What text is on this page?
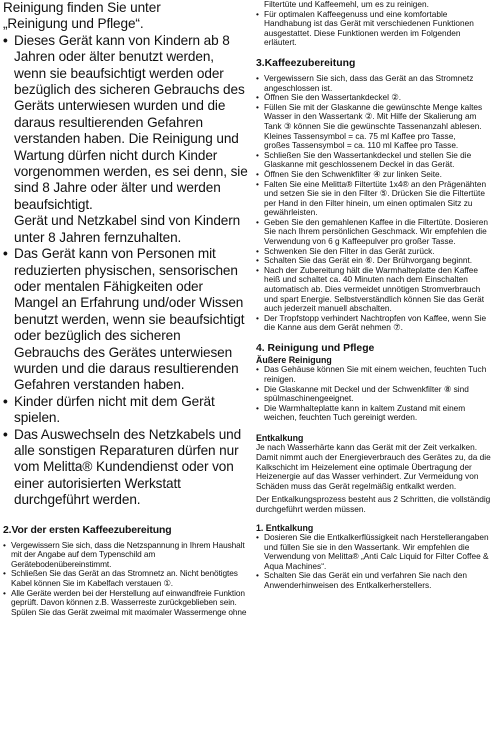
Reinigung finden Sie unter

„Reinigung und Pflege“.

• Dieses Gerät kann von Kindern ab 8 Jahren oder älter benutzt werden, wenn sie beaufsichtigt werden oder bezüglich des sicheren Gebrauchs des Geräts unterwiesen wurden und die daraus resultierenden Gefahren verstanden haben. Die Reinigung und Wartung dürfen nicht durch Kinder vorgenommen werden, es sei denn, sie sind 8 Jahre oder älter und werden beaufsichtigt.

Gerät und Netzkabel sind von Kindern unter 8 Jahren fernzuhalten.

• Das Gerät kann von Personen mit reduzierten physischen, sensorischen oder mentalen Fähigkeiten oder Mangel an Erfahrung und/oder Wissen benutzt werden, wenn sie beaufsichtigt oder bezüglich des sicheren Gebrauchs des Gerätes unterwiesen wurden und die daraus resultierenden Gefahren verstanden haben.

• Kinder dürfen nicht mit dem Gerät spielen.

• Das Auswechseln des Netzkabels und alle sonstigen Reparaturen dürfen nur vom Melitta® Kundendienst oder von einer autorisierten Werkstatt durchgeführt werden.

2.Vor der ersten Kaffeezubereitung
• Vergewissern Sie sich, dass die Netzspannung in Ihrem Haushalt mit der Angabe auf dem Typenschild am Gerätebodenübereinstimmt.
• Schließen Sie das Gerät an das Stromnetz an. Nicht benötigtes Kabel können Sie im Kabelfach verstauen ①.
• Alle Geräte werden bei der Herstellung auf einwandfreie Funktion geprüft. Davon können z.B. Wasserreste zurückgeblieben sein. Spülen Sie das Gerät zweimal mit maximaler Wassermenge ohne

Filtertüte und Kaffeemehl, um es zu reinigen.

• Für optimalen Kaffeegenuss und eine komfortable Handhabung ist das Gerät mit verschiedenen Funktionen ausgestattet. Diese Funktionen werden im Folgenden erläutert.
3.Kaffeezubereitung
• Vergewissern Sie sich, dass das Gerät an das Stromnetz angeschlossen ist.
• Öffnen Sie den Wassertankdeckel ②.
• Füllen Sie mit der Glaskanne die gewünschte Menge kaltes Wasser in den Wassertank ②. Mit Hilfe der Skalierung am Tank ③ können Sie die gewünschte Tassenanzahl ablesen.

Kleines Tassensymbol = ca. 75 ml Kaffee pro Tasse,

großes Tassensymbol = ca. 110 ml Kaffee pro Tasse.

• Schließen Sie den Wassertankdeckel und stellen Sie die Glaskanne mit geschlossenem Deckel in das Gerät.
• Öffnen Sie den Schwenkfilter ④ zur linken Seite.
• Falten Sie eine Melitta® Filtertüte 1x4® an den Prägenähten und setzen Sie sie in den Filter ⑤. Drücken Sie die Filtertüte per Hand in den Filter hinein, um einen optimalen Sitz zu gewährleisten.
• Geben Sie den gemahlenen Kaffee in die Filtertüte. Dosieren Sie nach Ihrem persönlichen Geschmack. Wir empfehlen die Verwendung von 6 g Kaffeepulver pro großer Tasse.
• Schwenken Sie den Filter in das Gerät zurück.
• Schalten Sie das Gerät ein ⑥. Der Brühvorgang beginnt.
• Nach der Zubereitung hält die Warmhalteplatte den Kaffee heiß und schaltet ca. 40 Minuten nach dem Einschalten automatisch ab. Dies vermeidet unnötigen Stromverbrauch und spart Energie. Selbstverständlich können Sie das Gerät auch jederzeit manuell abschalten.
• Der Tropfstopp verhindert Nachtropfen von Kaffee, wenn Sie die Kanne aus dem Gerät nehmen ⑦.
4. Reinigung und Pflege
Äußere Reinigung
• Das Gehäuse können Sie mit einem weichen, feuchten Tuch reinigen.
• Die Glaskanne mit Deckel und der Schwenkfilter ⑧ sind spülmaschinengeeignet.
• Die Warmhalteplatte kann in kaltem Zustand mit einem weichen, feuchten Tuch gereinigt werden.
Entkalkung

Je nach Wasserhärte kann das Gerät mit der Zeit verkalken. Damit nimmt auch der Energieverbrauch des Gerätes zu, da die Kalkschicht im Heizelement eine optimale Übertragung der Heizenergie auf das Wasser verhindert. Zur Vermeidung von Schäden muss das Gerät regelmäßig entkalkt werden.

Der Entkalkungsprozess besteht aus 2 Schritten, die vollständig durchgeführt werden müssen.

1. Entkalkung
• Dosieren Sie die Entkalkerflüssigkeit nach Herstellerangaben und füllen Sie sie in den Wassertank. Wir empfehlen die Verwendung von Melitta® „Anti Calc Liquid for Filter Coffee & Aqua Machines“.
• Schalten Sie das Gerät ein und verfahren Sie nach den Anwenderhinweisen des Entkalkerherstellers.
